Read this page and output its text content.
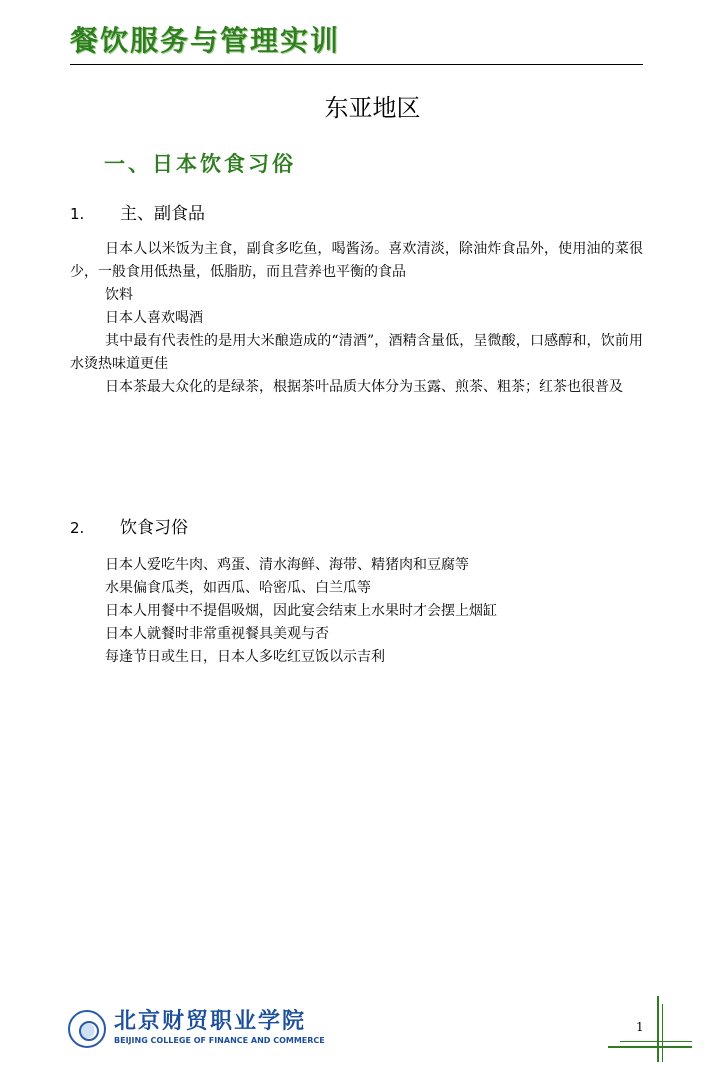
餐饮服务与管理实训
东亚地区
一、日本饮食习俗
1. 主、副食品

日本人以米饭为主食，副食多吃鱼，喝酱汤。喜欢清淡，除油炸食品外，使用油的菜很少，一般食用低热量，低脂肪，而且营养也平衡的食品

饮料

日本人喜欢喝酒

其中最有代表性的是用大米酿造成的“清酒”，酒精含量低，呈微酸，口感醇和，饮前用水烫热味道更佳

日本茶最大众化的是绿茶，根据茶叶品质大体分为玉露、煎茶、粗茶；红茶也很普及

2. 饮食习俗

日本人爱吃牛肉、鸡蛋、清水海鲜、海带、精猪肉和豆腐等

水果偏食瓜类，如西瓜、哈密瓜、白兰瓜等

日本人用餐中不提倡吸烟，因此宴会结束上水果时才会摆上烟缸

日本人就餐时非常重视餐具美观与否

每逢节日或生日，日本人多吃红豆饭以示吉利

北京财贸职业学院
BEIJING COLLEGE OF FINANCE AND COMMERCE
1
